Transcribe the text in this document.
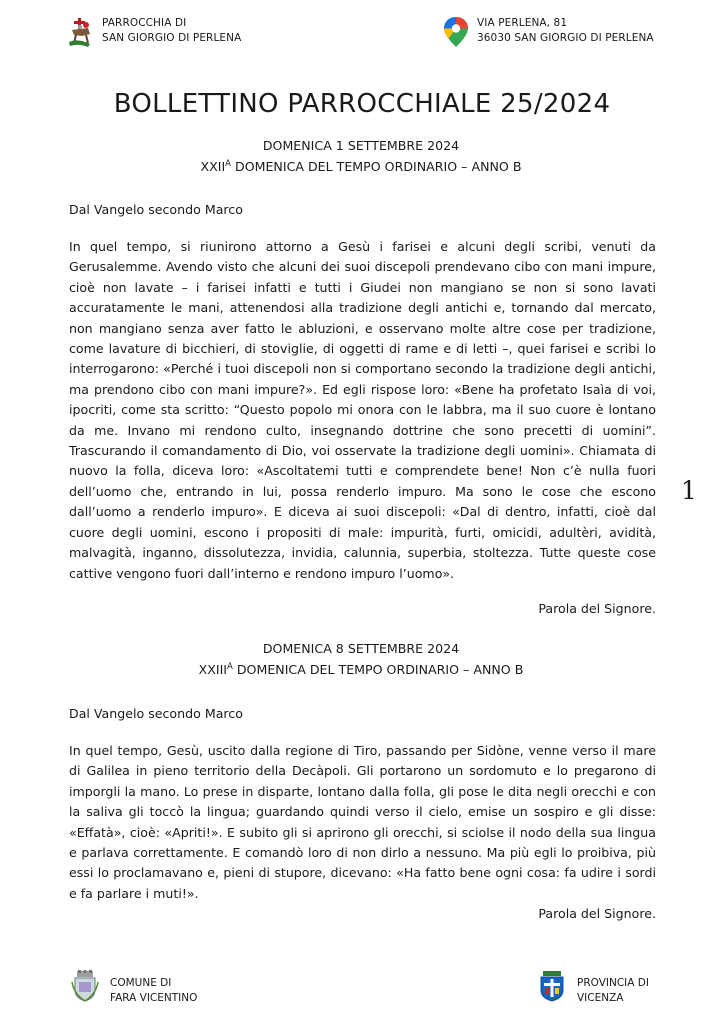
PARROCCHIA DI
SAN GIORGIO DI PERLENA
VIA PERLENA, 81
36030 SAN GIORGIO DI PERLENA
BOLLETTINO PARROCCHIALE 25/2024
DOMENICA 1 SETTEMBRE 2024
$XXII^A$ DOMENICA DEL TEMPO ORDINARIO – ANNO B
Dal Vangelo secondo Marco

In quel tempo, si riunirono attorno a Gesù i farisei e alcuni degli scribi, venuti da Gerusalemme. Avendo visto che alcuni dei suoi discepoli prendevano cibo con mani impure, cioè non lavate – i farisei infatti e tutti i Giudei non mangiano se non si sono lavati accuratamente le mani, attenendosi alla tradizione degli antichi e, tornando dal mercato, non mangiano senza aver fatto le abluzioni, e osservano molte altre cose per tradizione, come lavature di bicchieri, di stoviglie, di oggetti di rame e di letti –, quei farisei e scribi lo interrogarono: «Perché i tuoi discepoli non si comportano secondo la tradizione degli antichi, ma prendono cibo con mani impure?». Ed egli rispose loro: «Bene ha profetato Isaìa di voi, ipocriti, come sta scritto: “Questo popolo mi onora con le labbra, ma il suo cuore è lontano da me. Invano mi rendono culto, insegnando dottrine che sono precetti di uomini”. Trascurando il comandamento di Dio, voi osservate la tradizione degli uomini». Chiamata di nuovo la folla, diceva loro: «Ascoltatemi tutti e comprendete bene! Non c’è nulla fuori dell’uomo che, entrando in lui, possa renderlo impuro. Ma sono le cose che escono dall’uomo a renderlo impuro». E diceva ai suoi discepoli: «Dal di dentro, infatti, cioè dal cuore degli uomini, escono i propositi di male: impurità, furti, omicidi, adultèri, avidità, malvagità, inganno, dissolutezza, invidia, calunnia, superbia, stoltezza. Tutte queste cose cattive vengono fuori dall’interno e rendono impuro l’uomo».

Parola del Signore.
1
DOMENICA 8 SETTEMBRE 2024
$XXIII^A$ DOMENICA DEL TEMPO ORDINARIO – ANNO B
Dal Vangelo secondo Marco

In quel tempo, Gesù, uscito dalla regione di Tiro, passando per Sidòne, venne verso il mare di Galilea in pieno territorio della Decàpoli. Gli portarono un sordomuto e lo pregarono di imporgli la mano. Lo prese in disparte, lontano dalla folla, gli pose le dita negli orecchi e con la saliva gli toccò la lingua; guardando quindi verso il cielo, emise un sospiro e gli disse: «Effatà», cioè: «Apriti!». E subito gli si aprirono gli orecchi, si sciolse il nodo della sua lingua e parlava correttamente. E comandò loro di non dirlo a nessuno. Ma più egli lo proibiva, più essi lo proclamavano e, pieni di stupore, dicevano: «Ha fatto bene ogni cosa: fa udire i sordi e fa parlare i muti!».

Parola del Signore.
COMUNE DI
FARA VICENTINO
PROVINCIA DI
VICENZA
